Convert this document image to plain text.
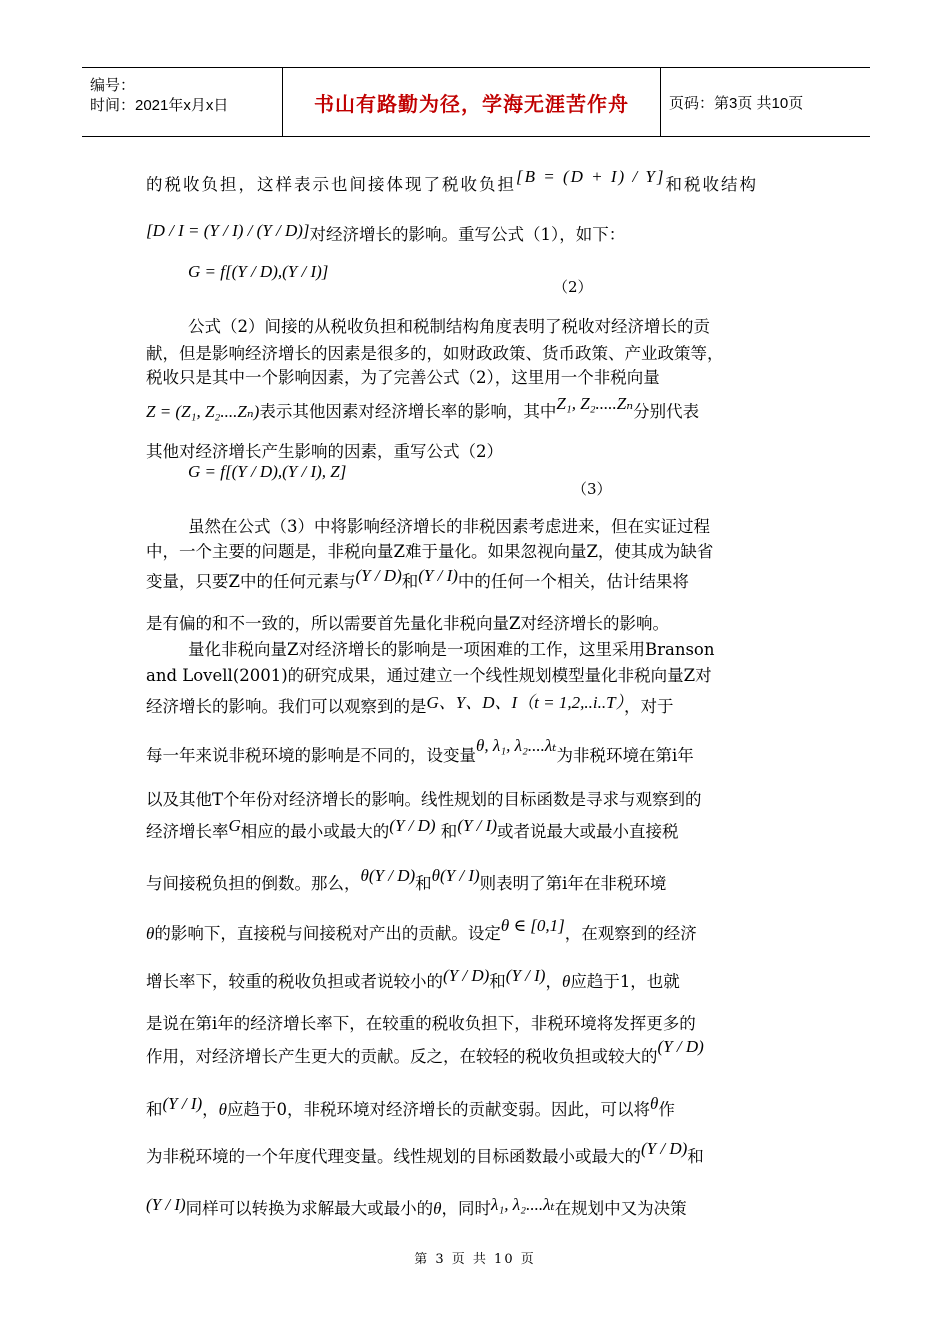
编号：
时间：2021年x月x日	书山有路勤为径，学海无涯苦作舟	页码：第3页 共10页
的税收负担，这样表示也间接体现了税收负担[B = (D + I) / Y]和税收结构
[D / I = (Y / I) / (Y / D)]对经济增长的影响。重写公式（1），如下：
G = f[(Y / D),(Y / I)]
（2）
公式（2）间接的从税收负担和税制结构角度表明了税收对经济增长的贡
献，但是影响经济增长的因素是很多的，如财政政策、货币政策、产业政策等，
税收只是其中一个影响因素，为了完善公式（2），这里用一个非税向量
Z = (Z₁, Z₂....Zₙ)表示其他因素对经济增长率的影响，其中Z₁, Z₂.....Zₙ分别代表
其他对经济增长产生影响的因素，重写公式（2）
G = f[(Y / D),(Y / I), Z]
（3）
虽然在公式（3）中将影响经济增长的非税因素考虑进来，但在实证过程
中，一个主要的问题是，非税向量Z难于量化。如果忽视向量Z，使其成为缺省
变量，只要Z中的任何元素与(Y / D)和(Y / I)中的任何一个相关，估计结果将
是有偏的和不一致的，所以需要首先量化非税向量Z对经济增长的影响。
量化非税向量Z对经济增长的影响是一项困难的工作，这里采用Branson
and Lovell(2001)的研究成果，通过建立一个线性规划模型量化非税向量Z对
经济增长的影响。我们可以观察到的是G、Y、D、I（t = 1,2,..i..T），对于
每一年来说非税环境的影响是不同的，设变量θ, λ₁, λ₂....λₜ为非税环境在第i年
以及其他T个年份对经济增长的影响。线性规划的目标函数是寻求与观察到的
经济增长率G相应的最小或最大的(Y / D) 和(Y / I)或者说最大或最小直接税
与间接税负担的倒数。那么，θ(Y / D)和θ(Y / I)则表明了第i年在非税环境
θ的影响下，直接税与间接税对产出的贡献。设定θ ∈ [0,1]，在观察到的经济
增长率下，较重的税收负担或者说较小的(Y / D)和(Y / I)，θ应趋于1，也就
是说在第i年的经济增长率下，在较重的税收负担下，非税环境将发挥更多的
作用，对经济增长产生更大的贡献。反之，在较轻的税收负担或较大的(Y / D)
和(Y / I)，θ应趋于0，非税环境对经济增长的贡献变弱。因此，可以将θ作
为非税环境的一个年度代理变量。线性规划的目标函数最小或最大的(Y / D)和
(Y / I)同样可以转换为求解最大或最小的θ，同时λ₁, λ₂....λₜ在规划中又为决策
第 3 页 共 10 页
